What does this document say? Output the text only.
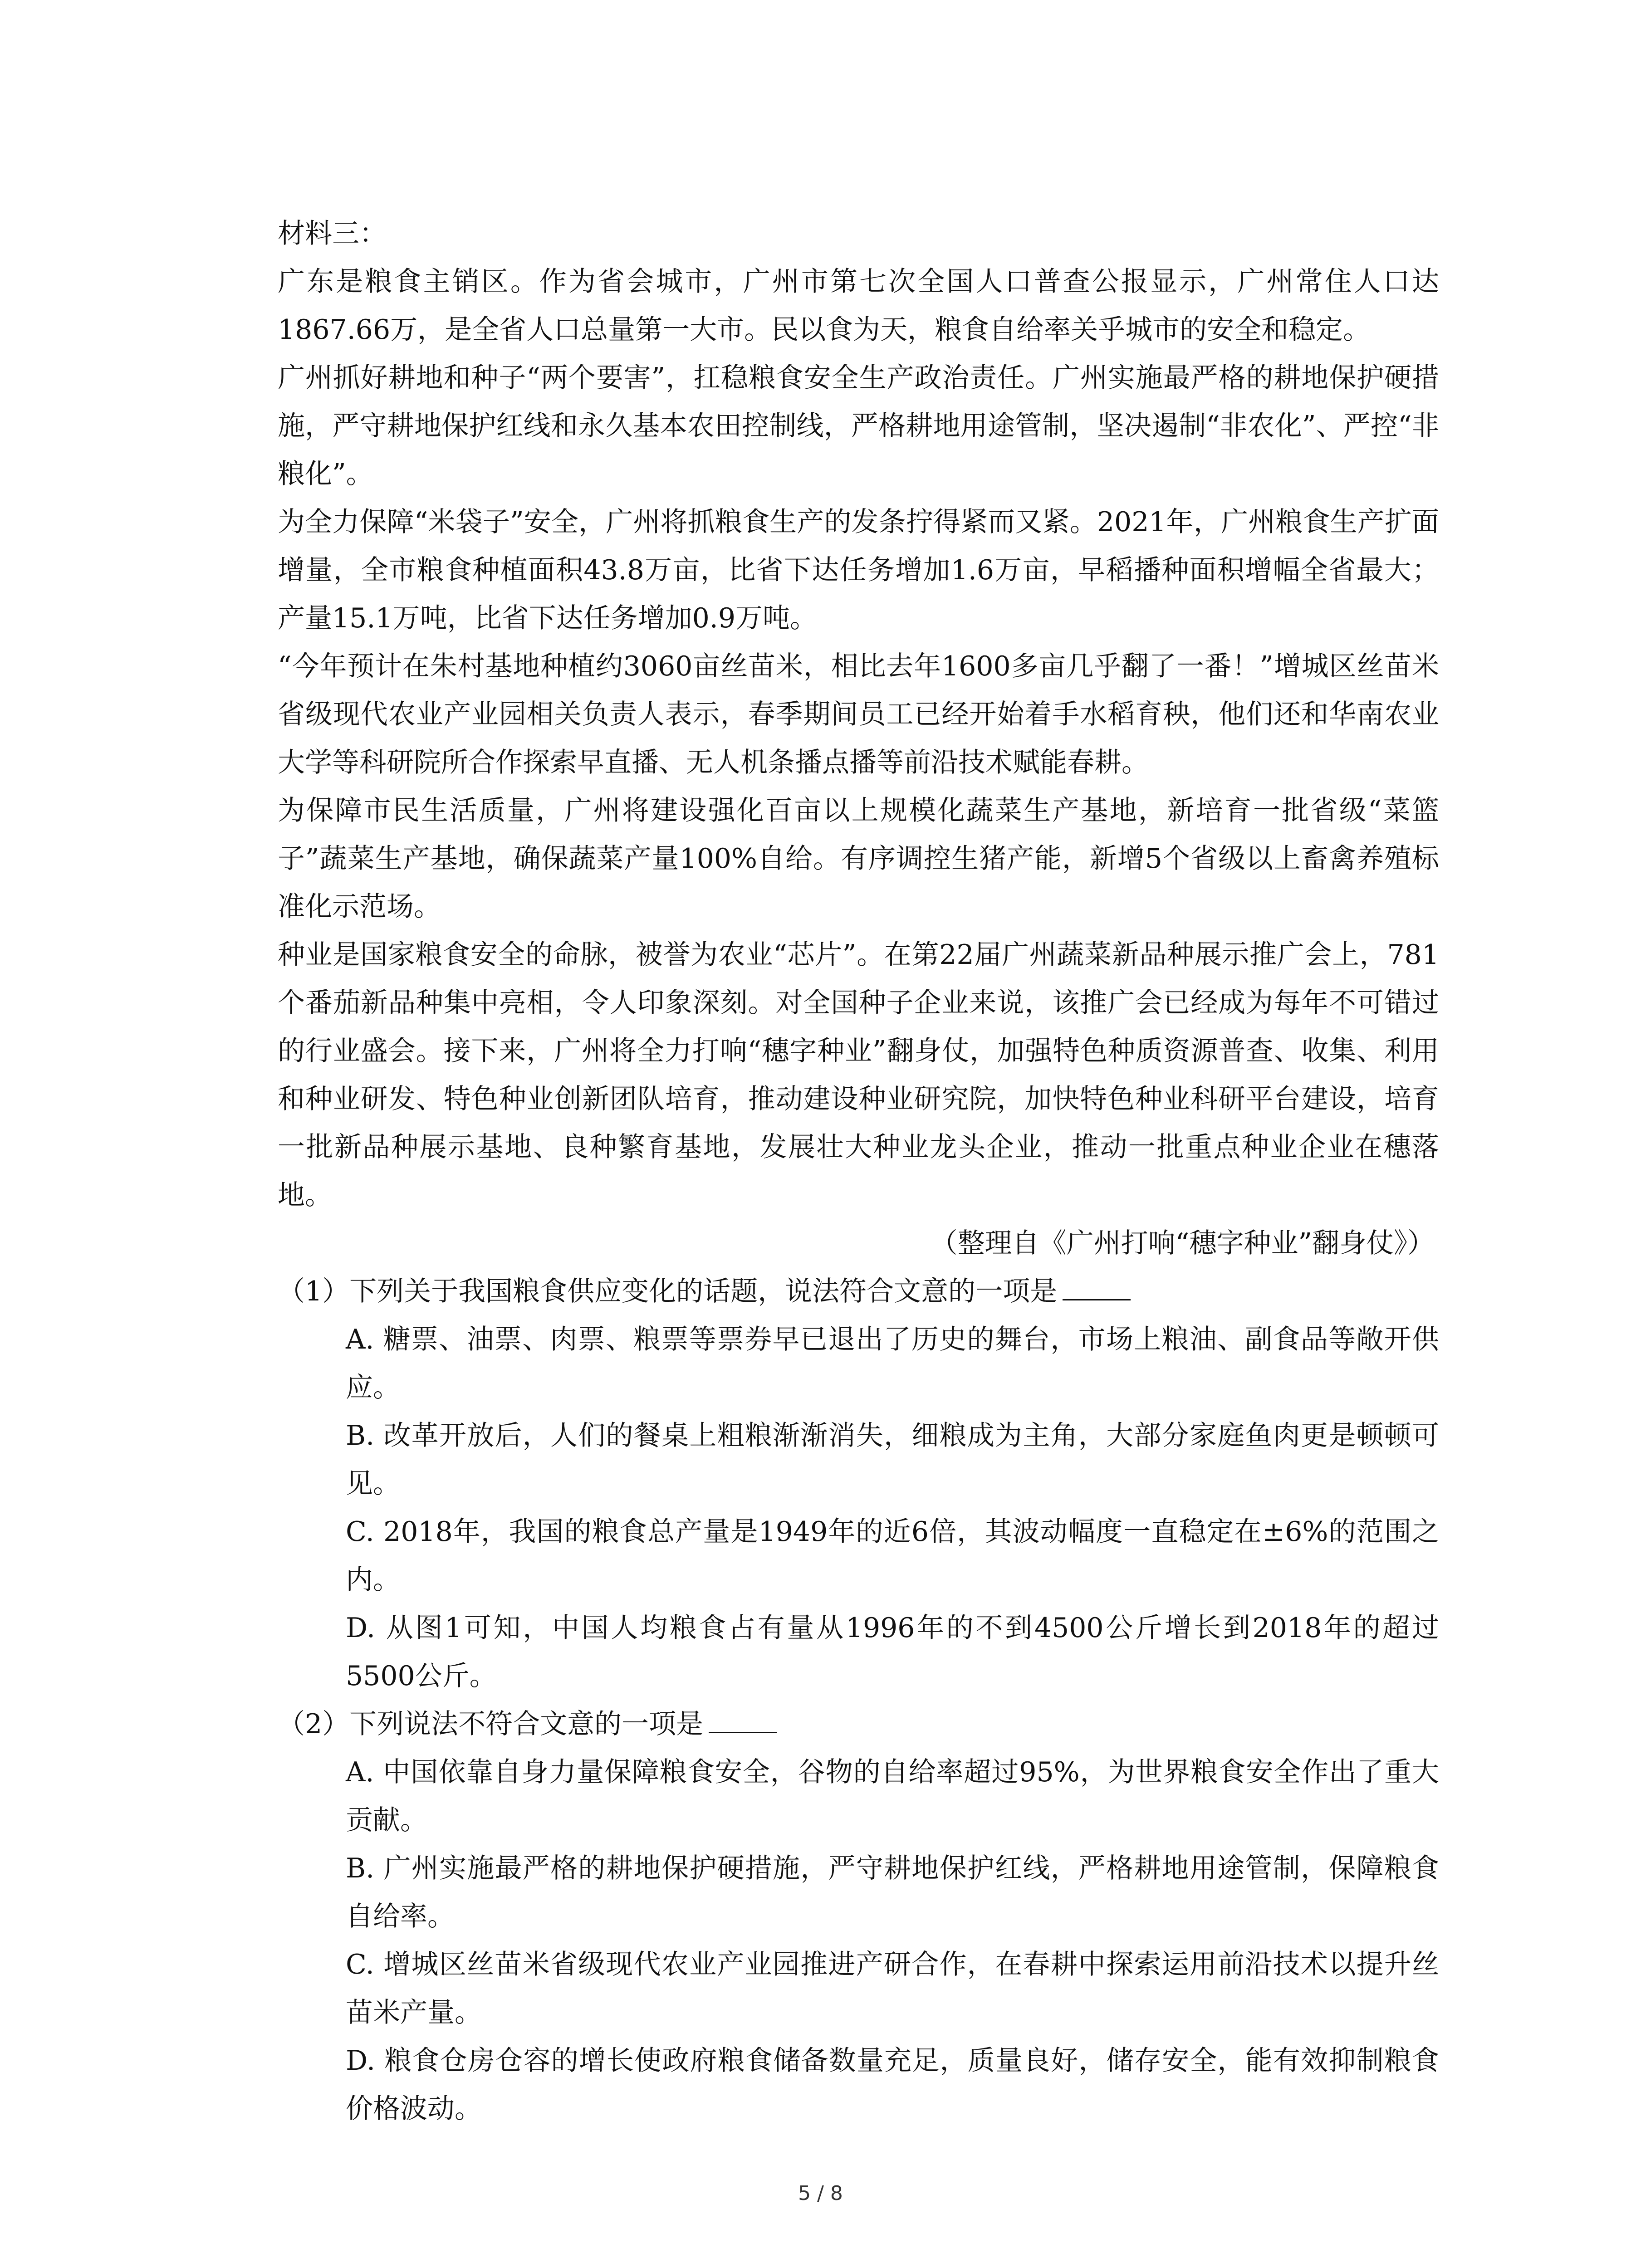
材料三：

广东是粮食主销区。作为省会城市，广州市第七次全国人口普查公报显示，广州常住人口达1867.66万，是全省人口总量第一大市。民以食为天，粮食自给率关乎城市的安全和稳定。

广州抓好耕地和种子“两个要害”，扛稳粮食安全生产政治责任。广州实施最严格的耕地保护硬措施，严守耕地保护红线和永久基本农田控制线，严格耕地用途管制，坚决遏制“非农化”、严控“非粮化”。

为全力保障“米袋子”安全，广州将抓粮食生产的发条拧得紧而又紧。2021年，广州粮食生产扩面增量，全市粮食种植面积43.8万亩，比省下达任务增加1.6万亩，早稻播种面积增幅全省最大；产量15.1万吨，比省下达任务增加0.9万吨。

“今年预计在朱村基地种植约3060亩丝苗米，相比去年1600多亩几乎翻了一番！”增城区丝苗米省级现代农业产业园相关负责人表示，春季期间员工已经开始着手水稻育秧，他们还和华南农业大学等科研院所合作探索早直播、无人机条播点播等前沿技术赋能春耕。

为保障市民生活质量，广州将建设强化百亩以上规模化蔬菜生产基地，新培育一批省级“菜篮子”蔬菜生产基地，确保蔬菜产量100%自给。有序调控生猪产能，新增5个省级以上畜禽养殖标准化示范场。

种业是国家粮食安全的命脉，被誉为农业“芯片”。在第22届广州蔬菜新品种展示推广会上，781个番茄新品种集中亮相，令人印象深刻。对全国种子企业来说，该推广会已经成为每年不可错过的行业盛会。接下来，广州将全力打响“穗字种业”翻身仗，加强特色种质资源普查、收集、利用和种业研发、特色种业创新团队培育，推动建设种业研究院，加快特色种业科研平台建设，培育一批新品种展示基地、良种繁育基地，发展壮大种业龙头企业，推动一批重点种业企业在穗落地。

（整理自《广州打响“穗字种业”翻身仗》）

（1）下列关于我国粮食供应变化的话题，说法符合文意的一项是

A. 糖票、油票、肉票、粮票等票券早已退出了历史的舞台，市场上粮油、副食品等敞开供应。

B. 改革开放后，人们的餐桌上粗粮渐渐消失，细粮成为主角，大部分家庭鱼肉更是顿顿可见。

C. 2018年，我国的粮食总产量是1949年的近6倍，其波动幅度一直稳定在±6%的范围之内。

D. 从图1可知，中国人均粮食占有量从1996年的不到4500公斤增长到2018年的超过5500公斤。

（2）下列说法不符合文意的一项是

A. 中国依靠自身力量保障粮食安全，谷物的自给率超过95%，为世界粮食安全作出了重大贡献。

B. 广州实施最严格的耕地保护硬措施，严守耕地保护红线，严格耕地用途管制，保障粮食自给率。

C. 增城区丝苗米省级现代农业产业园推进产研合作，在春耕中探索运用前沿技术以提升丝苗米产量。

D. 粮食仓房仓容的增长使政府粮食储备数量充足，质量良好，储存安全，能有效抑制粮食价格波动。

5 / 8
